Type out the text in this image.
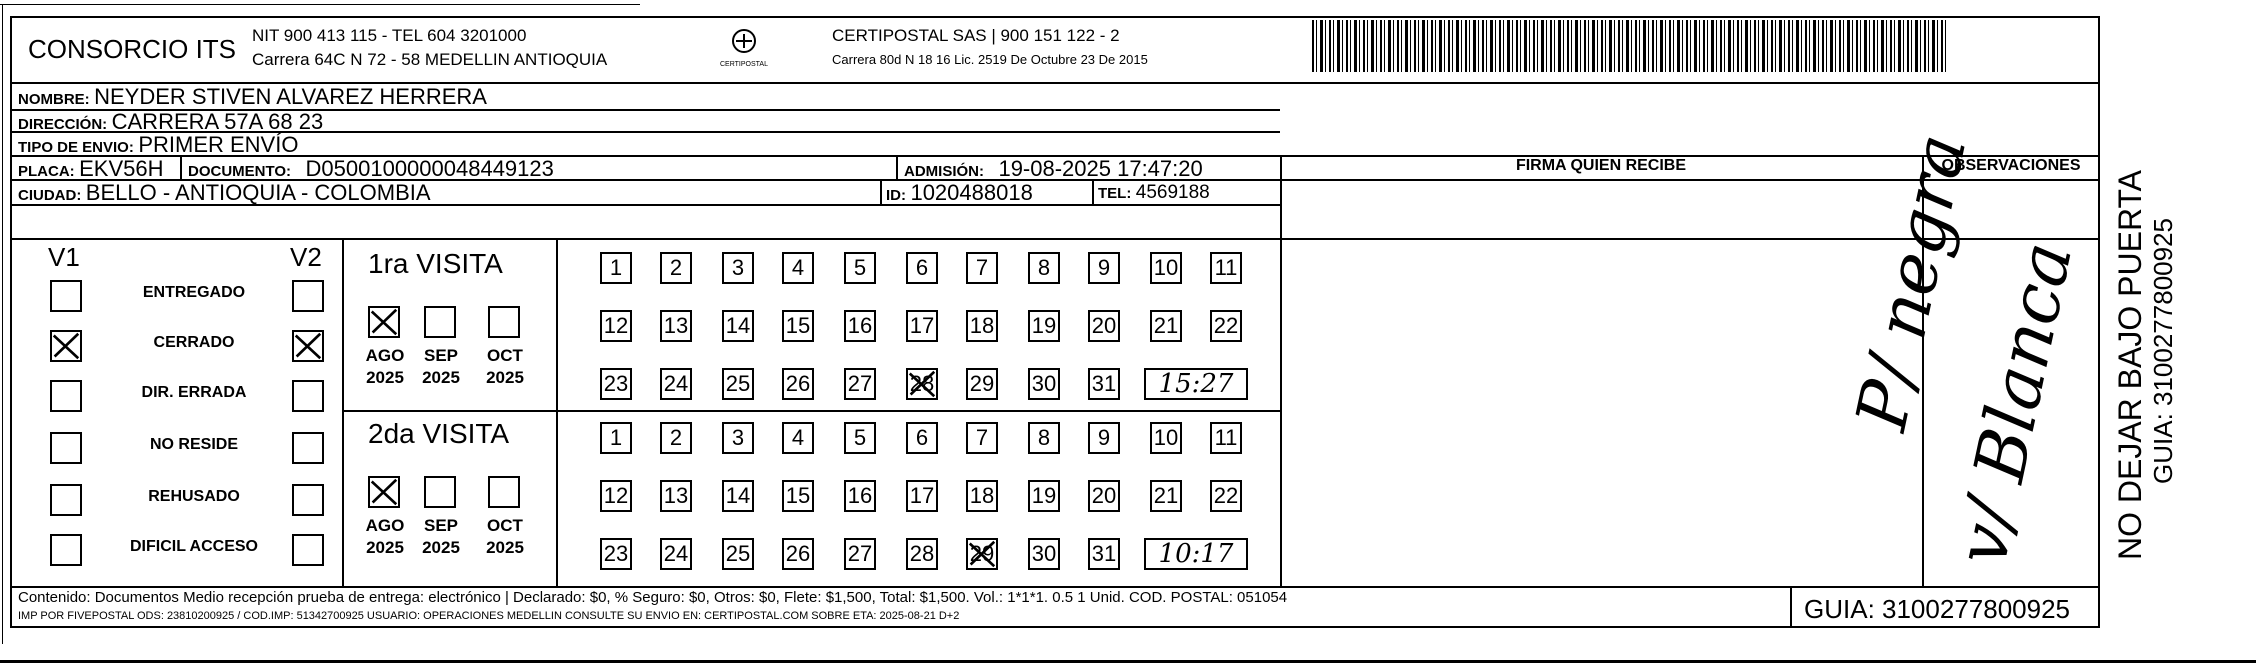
CONSORCIO ITS NIT 900 413 115 - TEL 604 3201000
Carrera 64C N 72 - 58 MEDELLIN ANTIOQUIA	CERTIPOSTAL
CERTIPOSTAL SAS | 900 151 122 - 2
Carrera 80d N 18 16 Lic. 2519 De Octubre 23 De 2015
NOMBRE: NEYDER STIVEN ALVAREZ HERRERA
DIRECCIÓN: CARRERA 57A 68 23
TIPO DE ENVIO: PRIMER ENVÍO
PLACA: EKV56H DOCUMENTO: D0500100000048449123	ADMISIÓN: 19-08-2025 17:47:20
CIUDAD: BELLO - ANTIOQUIA - COLOMBIA	ID: 1020488018	TEL: 4569188
FIRMA QUIEN RECIBE	OBSERVACIONES
P/ negra
v/ Blanca NO DEJAR BAJO PUERTA GUIA: 3100277800925
V1	V2
ENTREGADO
CERRADO
DIR. ERRADA
NO RESIDE
REHUSADO
DIFICIL ACCESO
1ra VISITA
AGO
2025
SEP
2025
OCT
2025
1	2	3	4	5	6	7	8	9	10 11
12 13 14 15 16 17 18 19 20 21 22
23 24 25 26 27 28 29 30 31	15:27
2da VISITA
AGO
2025
SEP
2025
OCT
2025
1	2	3	4	5	6	7	8	9	10 11
12 13 14 15 16 17 18 19 20 21 22
23 24 25 26 27 28 29 30 31	10:17
Contenido: Documentos Medio recepción prueba de entrega: electrónico | Declarado: $0, % Seguro: $0, Otros: $0, Flete: $1,500, Total: $1,500. Vol.: 1*1*1. 0.5 1 Unid. COD. POSTAL: 051054
IMP POR FIVEPOSTAL ODS: 23810200925 / COD.IMP: 51342700925 USUARIO: OPERACIONES MEDELLIN CONSULTE SU ENVIO EN: CERTIPOSTAL.COM SOBRE ETA: 2025-08-21 D+2	GUIA: 3100277800925
